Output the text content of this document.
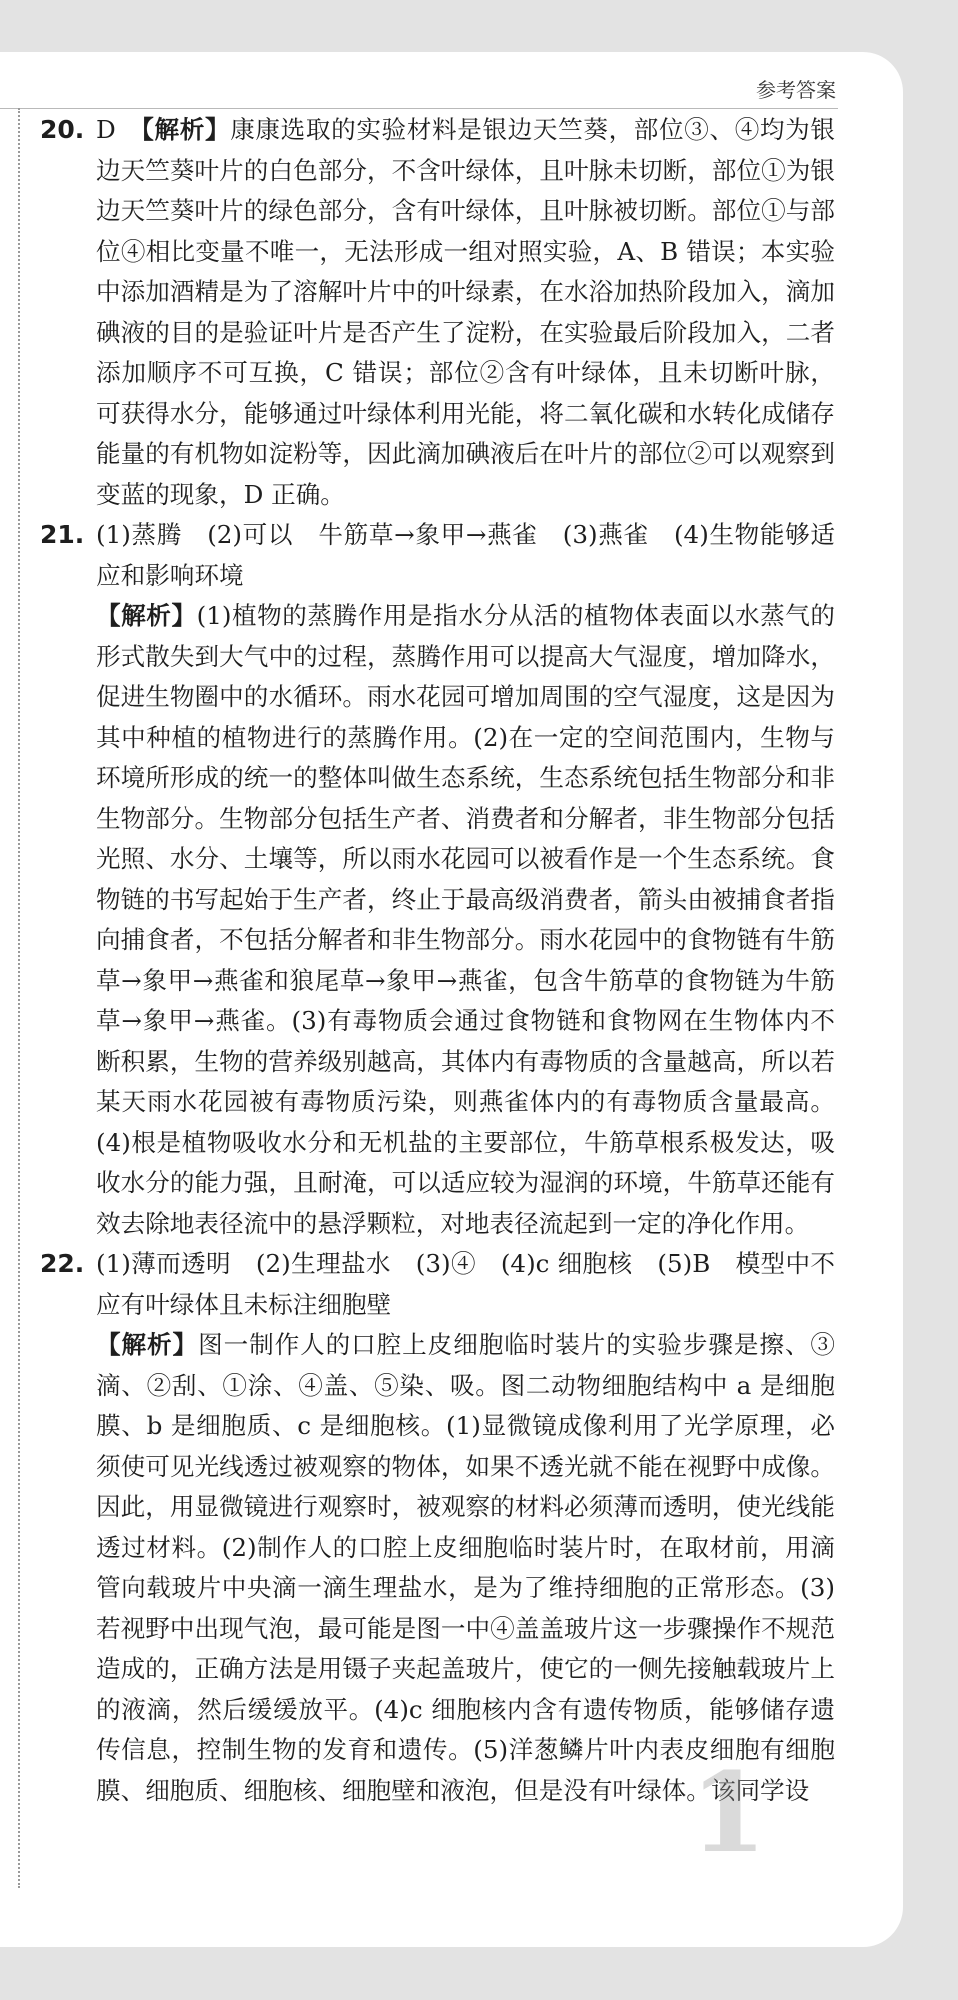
参考答案
20. D　 【解析】康康选取的实验材料是银边天竺葵，部位③、④均为银边天竺葵叶片的白色部分，不含叶绿体，且叶脉未切断，部位①为银边天竺葵叶片的绿色部分，含有叶绿体，且叶脉被切断。部位①与部位④相比变量不唯一，无法形成一组对照实验，A、B 错误；本实验中添加酒精是为了溶解叶片中的叶绿素，在水浴加热阶段加入，滴加碘液的目的是验证叶片是否产生了淀粉，在实验最后阶段加入，二者添加顺序不可互换，C 错误；部位②含有叶绿体，且未切断叶脉，可获得水分，能够通过叶绿体利用光能，将二氧化碳和水转化成储存能量的有机物如淀粉等，因此滴加碘液后在叶片的部位②可以观察到变蓝的现象，D 正确。

21. (1)蒸腾　(2)可以　牛筋草→象甲→燕雀　(3)燕雀　(4)生物能够适应和影响环境

【解析】(1)植物的蒸腾作用是指水分从活的植物体表面以水蒸气的形式散失到大气中的过程，蒸腾作用可以提高大气湿度，增加降水，促进生物圈中的水循环。雨水花园可增加周围的空气湿度，这是因为其中种植的植物进行的蒸腾作用。(2)在一定的空间范围内，生物与环境所形成的统一的整体叫做生态系统，生态系统包括生物部分和非生物部分。生物部分包括生产者、消费者和分解者，非生物部分包括光照、水分、土壤等，所以雨水花园可以被看作是一个生态系统。食物链的书写起始于生产者，终止于最高级消费者，箭头由被捕食者指向捕食者，不包括分解者和非生物部分。雨水花园中的食物链有牛筋草→象甲→燕雀和狼尾草→象甲→燕雀，包含牛筋草的食物链为牛筋草→象甲→燕雀。(3)有毒物质会通过食物链和食物网在生物体内不断积累，生物的营养级别越高，其体内有毒物质的含量越高，所以若某天雨水花园被有毒物质污染，则燕雀体内的有毒物质含量最高。(4)根是植物吸收水分和无机盐的主要部位，牛筋草根系极发达，吸收水分的能力强，且耐淹，可以适应较为湿润的环境，牛筋草还能有效去除地表径流中的悬浮颗粒，对地表径流起到一定的净化作用。

22. (1)薄而透明　(2)生理盐水　(3)④　(4)c 细胞核　(5)B　模型中不应有叶绿体且未标注细胞壁

【解析】图一制作人的口腔上皮细胞临时装片的实验步骤是擦、③滴、②刮、①涂、④盖、⑤染、吸。图二动物细胞结构中 a 是细胞膜、b 是细胞质、c 是细胞核。(1)显微镜成像利用了光学原理，必须使可见光线透过被观察的物体，如果不透光就不能在视野中成像。因此，用显微镜进行观察时，被观察的材料必须薄而透明，使光线能透过材料。(2)制作人的口腔上皮细胞临时装片时，在取材前，用滴管向载玻片中央滴一滴生理盐水，是为了维持细胞的正常形态。(3)若视野中出现气泡，最可能是图一中④盖盖玻片这一步骤操作不规范造成的，正确方法是用镊子夹起盖玻片，使它的一侧先接触载玻片上的液滴，然后缓缓放平。(4)c 细胞核内含有遗传物质，能够储存遗传信息，控制生物的发育和遗传。(5)洋葱鳞片叶内表皮细胞有细胞膜、细胞质、细胞核、细胞壁和液泡，但是没有叶绿体。该同学设

1
